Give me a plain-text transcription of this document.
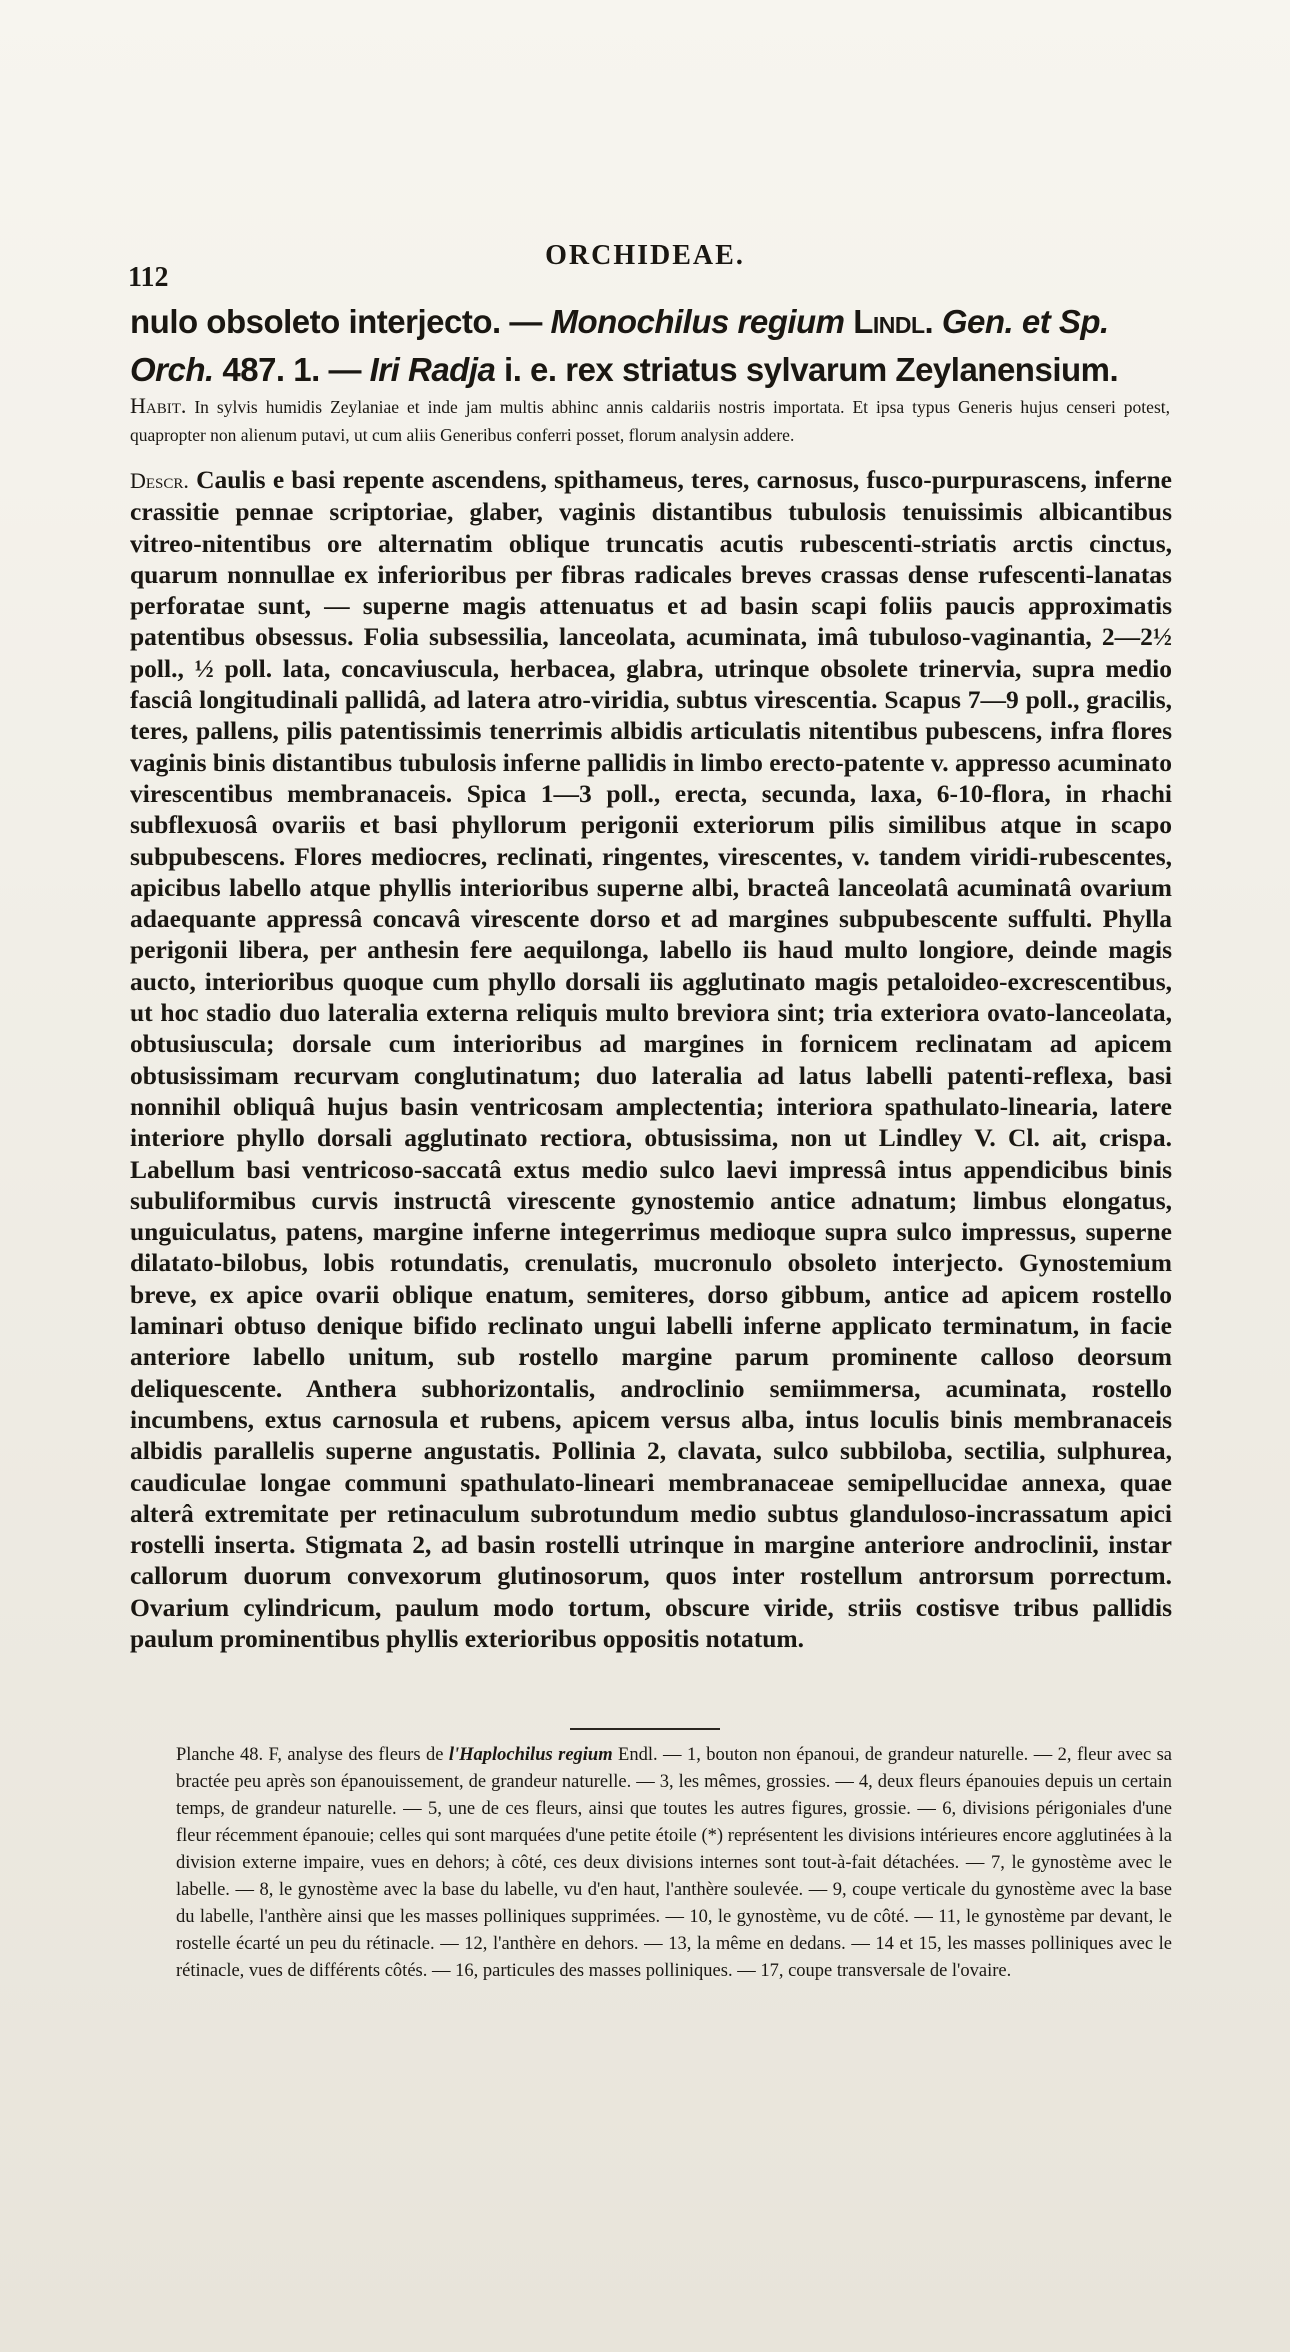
ORCHIDEAE.
112
nulo obsoleto interjecto. — Monochilus regium Lindl. Gen. et Sp. Orch. 487. 1. — Iri Radja i. e. rex striatus sylvarum Zeylanensium.
Habit. In sylvis humidis Zeylaniae et inde jam multis abhinc annis caldariis nostris importata. Et ipsa typus Generis hujus censeri potest, quapropter non alienum putavi, ut cum aliis Generibus conferri posset, florum analysin addere.
Descr. Caulis e basi repente ascendens, spithameus, teres, carnosus, fusco-purpurascens, inferne crassitie pennae scriptoriae, glaber, vaginis distantibus tubulosis tenuissimis albicantibus vitreo-nitentibus ore alternatim oblique truncatis acutis rubescenti-striatis arctis cinctus, quarum nonnullae ex inferioribus per fibras radicales breves crassas dense rufescenti-lanatas perforatae sunt, — superne magis attenuatus et ad basin scapi foliis paucis approximatis patentibus obsessus. Folia subsessilia, lanceolata, acuminata, imâ tubuloso-vaginantia, 2—2½ poll., ½ poll. lata, concaviuscula, herbacea, glabra, utrinque obsolete trinervia, supra medio fasciâ longitudinali pallidâ, ad latera atro-viridia, subtus virescentia. Scapus 7—9 poll., gracilis, teres, pallens, pilis patentissimis tenerrimis albidis articulatis nitentibus pubescens, infra flores vaginis binis distantibus tubulosis inferne pallidis in limbo erecto-patente v. appresso acuminato virescentibus membranaceis. Spica 1—3 poll., erecta, secunda, laxa, 6-10-flora, in rhachi subflexuosâ ovariis et basi phyllorum perigonii exteriorum pilis similibus atque in scapo subpubescens. Flores mediocres, reclinati, ringentes, virescentes, v. tandem viridi-rubescentes, apicibus labello atque phyllis interioribus superne albi, bracteâ lanceolatâ acuminatâ ovarium adaequante appressâ concavâ virescente dorso et ad margines subpubescente suffulti. Phylla perigonii libera, per anthesin fere aequilonga, labello iis haud multo longiore, deinde magis aucto, interioribus quoque cum phyllo dorsali iis agglutinato magis petaloideo-excrescentibus, ut hoc stadio duo lateralia externa reliquis multo breviora sint; tria exteriora ovato-lanceolata, obtusiuscula; dorsale cum interioribus ad margines in fornicem reclinatam ad apicem obtusissimam recurvam conglutinatum; duo lateralia ad latus labelli patenti-reflexa, basi nonnihil obliquâ hujus basin ventricosam amplectentia; interiora spathulato-linearia, latere interiore phyllo dorsali agglutinato rectiora, obtusissima, non ut Lindley V. Cl. ait, crispa. Labellum basi ventricoso-saccatâ extus medio sulco laevi impressâ intus appendicibus binis subuliformibus curvis instructâ virescente gynostemio antice adnatum; limbus elongatus, unguiculatus, patens, margine inferne integerrimus medioque supra sulco impressus, superne dilatato-bilobus, lobis rotundatis, crenulatis, mucronulo obsoleto interjecto. Gynostemium breve, ex apice ovarii oblique enatum, semiteres, dorso gibbum, antice ad apicem rostello laminari obtuso denique bifido reclinato ungui labelli inferne applicato terminatum, in facie anteriore labello unitum, sub rostello margine parum prominente calloso deorsum deliquescente. Anthera subhorizontalis, androclinio semiimmersa, acuminata, rostello incumbens, extus carnosula et rubens, apicem versus alba, intus loculis binis membranaceis albidis parallelis superne angustatis. Pollinia 2, clavata, sulco subbiloba, sectilia, sulphurea, caudiculae longae communi spathulato-lineari membranaceae semipellucidae annexa, quae alterâ extremitate per retinaculum subrotundum medio subtus glanduloso-incrassatum apici rostelli inserta. Stigmata 2, ad basin rostelli utrinque in margine anteriore androclinii, instar callorum duorum convexorum glutinosorum, quos inter rostellum antrorsum porrectum. Ovarium cylindricum, paulum modo tortum, obscure viride, striis costisve tribus pallidis paulum prominentibus phyllis exterioribus oppositis notatum.
Planche 48. F, analyse des fleurs de l'Haplochilus regium Endl. — 1, bouton non épanoui, de grandeur naturelle. — 2, fleur avec sa bractée peu après son épanouissement, de grandeur naturelle. — 3, les mêmes, grossies. — 4, deux fleurs épanouies depuis un certain temps, de grandeur naturelle. — 5, une de ces fleurs, ainsi que toutes les autres figures, grossie. — 6, divisions périgoniales d'une fleur récemment épanouie; celles qui sont marquées d'une petite étoile (*) représentent les divisions intérieures encore agglutinées à la division externe impaire, vues en dehors; à côté, ces deux divisions internes sont tout-à-fait détachées. — 7, le gynostème avec le labelle. — 8, le gynostème avec la base du labelle, vu d'en haut, l'anthère soulevée. — 9, coupe verticale du gynostème avec la base du labelle, l'anthère ainsi que les masses polliniques supprimées. — 10, le gynostème, vu de côté. — 11, le gynostème par devant, le rostelle écarté un peu du rétinacle. — 12, l'anthère en dehors. — 13, la même en dedans. — 14 et 15, les masses polliniques avec le rétinacle, vues de différents côtés. — 16, particules des masses polliniques. — 17, coupe transversale de l'ovaire.
